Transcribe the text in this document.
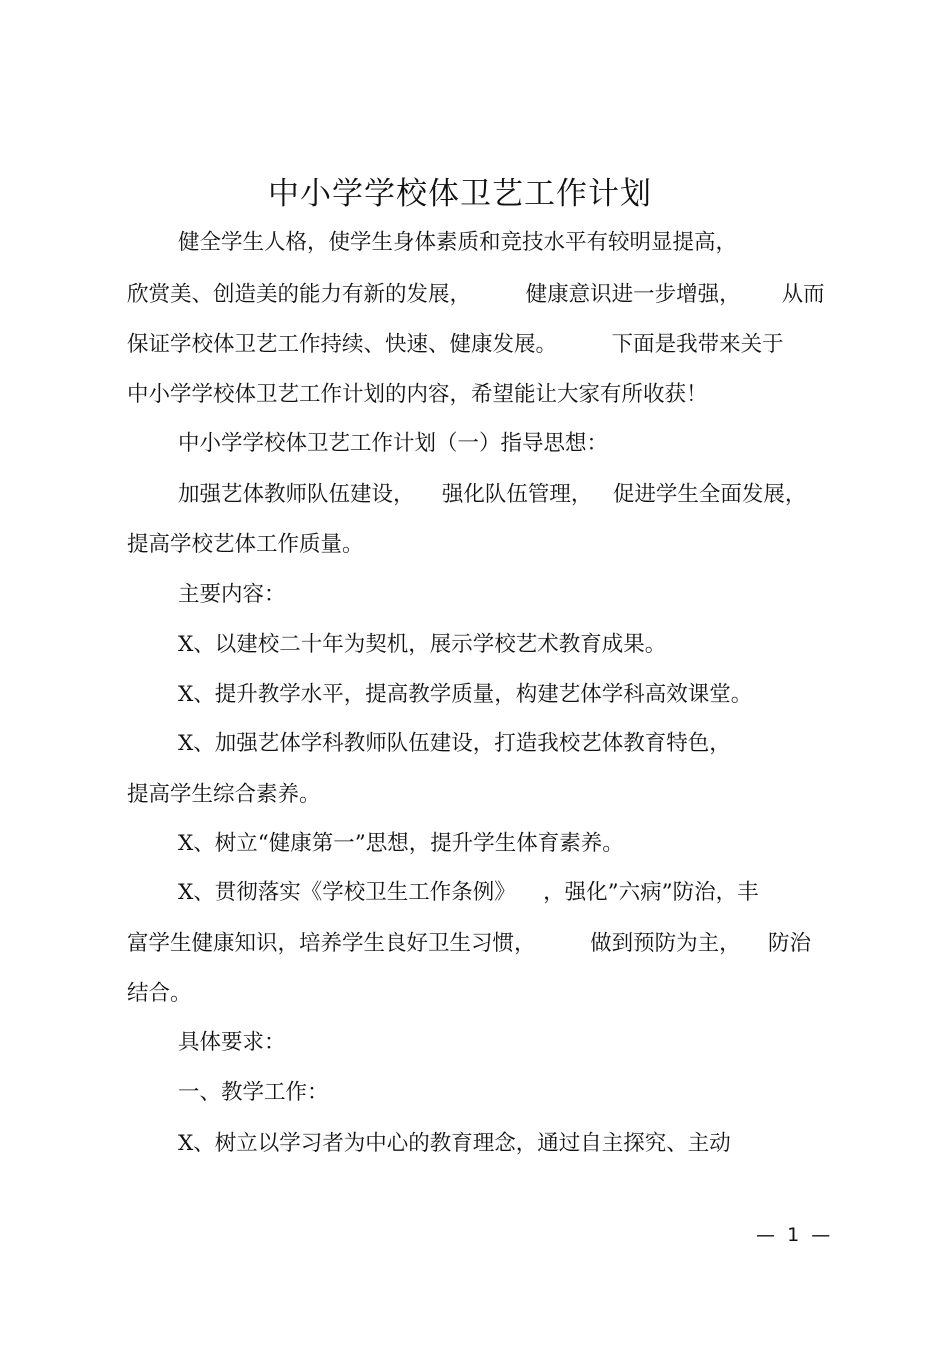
中小学学校体卫艺工作计划

健全学生人格，使学生身体素质和竞技水平有较明显提高，

欣赏美、创造美的能力有新的发展，        健康意识进一步增强，      从而

保证学校体卫艺工作持续、快速、健康发展。        下面是我带来关于

中小学学校体卫艺工作计划的内容，希望能让大家有所收获！

中小学学校体卫艺工作计划（一）指导思想：

加强艺体教师队伍建设，    强化队伍管理，   促进学生全面发展，

提高学校艺体工作质量。

主要内容：

X、以建校二十年为契机，展示学校艺术教育成果。

X、提升教学水平，提高教学质量，构建艺体学科高效课堂。

X、加强艺体学科教师队伍建设，打造我校艺体教育特色，

提高学生综合素养。

X、树立“健康第一”思想，提升学生体育素养。

X、贯彻落实《学校卫生工作条例》    ，强化”六病”防治，丰

富学生健康知识，培养学生良好卫生习惯，        做到预防为主，    防治

结合。

具体要求：

一、教学工作：

X、树立以学习者为中心的教育理念，通过自主探究、主动

—  1  —
